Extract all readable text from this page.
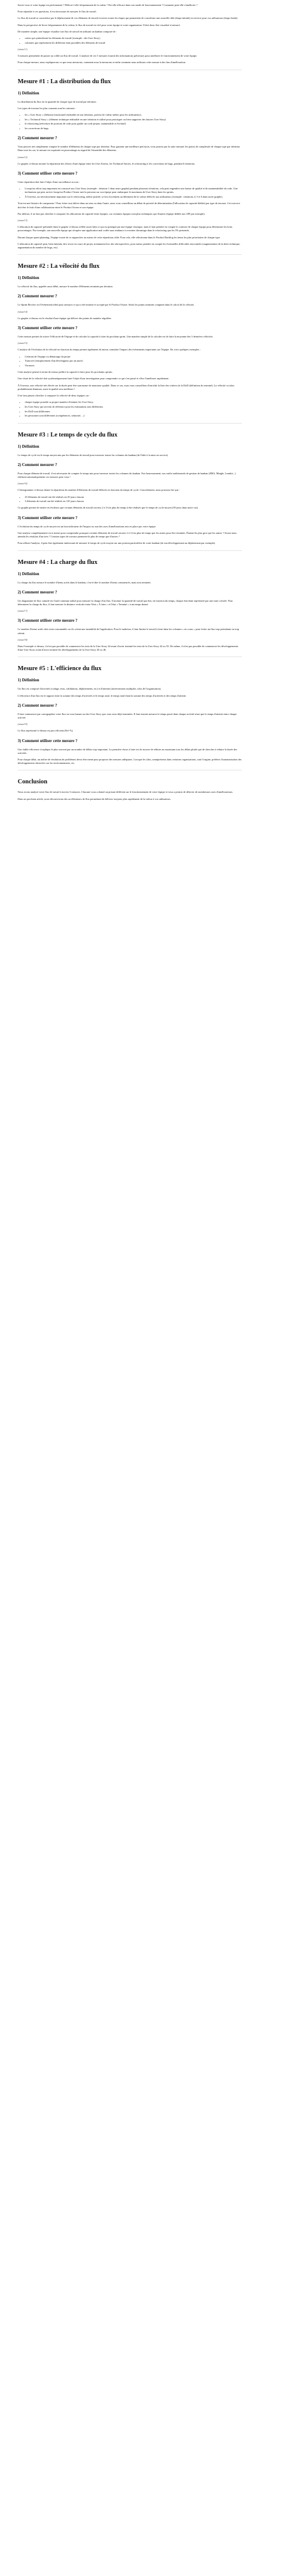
Savez-vous si votre équipe est performante ? Délivre-t-elle fréquemment de la valeur ? Est-elle efficace dans son mode de fonctionnement ? Comment peut-elle s'améliorer ?

Pour répondre à ces questions, il est nécessaire de mesurer le flux de travail.

Le flux de travail se caractérise par le déplacement de vos éléments de travail à travers toutes les étapes qui permettent de concrétiser une nouvelle idée (étape initiale) en service pour vos utilisateurs (étape finale).

Dans la perspective de livrer fréquemment de la valeur, le flux de travail est clef pour votre équipe et votre organisation. Il doit donc être visualisé et mesuré.

De manière simple, une équipe visualise son flux de travail en utilisant un kanban composé de :

• cartes qui symbolisent les éléments de travail (exemple : des User Story)
• colonnes qui représentent les différents états possibles des éléments de travail

(visuel 1)

5 mesures permettent de passer au crible un flux de travail. L'analyse de ces 5 mesures fournit des informations précieuses pour améliorer le fonctionnement de votre équipe.

Pour chaque mesure, nous expliquerons ce que nous mesurons, comment nous la mesurons et enfin comment nous utilisons cette mesure à des fins d'amélioration.

Mesure #1 : La distribution du flux
1) Définition

La distribution du flux est la quantité de chaque type de travail par itération.

Les types de travaux les plus courants sont les suivants :

• les « User Story » (élément fonctionnel réalisable en une itération, porteur de valeur métier pour les utilisateurs),
• les « Technical Story » (élément technique réalisable en une itération et utilisé pour prototyper ou bien supporter des futures User Story)
• le refactoring (réécriture de portions de code pour garder un code propre, maintenable et évolutif)
• les corrections de bugs.
2) Comment mesurer ?

Vous pouvez très simplement compter le nombre d'éléments de chaque type par itération. Pour garantir une meilleure précision, vous pouvez par la suite mesurer les points de complexité de chaque type par itération. Dans tous les cas, la mesure est exprimée en pourcentage au regard de l'ensemble des éléments.

(visuel 2)

Le graphe ci-dessus montre la répartition des efforts d'une équipe entre les User Stories, les Technical Stories, le refactoring et les corrections de bugs, pendant 6 itérations.

3) Comment utiliser cette mesure ?

Cette répartition doit faire l'objet d'une surveillance accrue :

• Lorsqu'un effort trop important est consacré aux User Story (exemple : itération 1 dans notre graphe) pendant plusieurs itérations, cela peut engendrer une baisse de qualité et de maintenabilité du code. Une inclinaison qui peut arriver lorsqu'un Product Owner met la pression sur son équipe pour embarquer le maximum de User Story dans les sprints.
• À l'inverse, un investissement important sur le refactoring, même justifié, se fera forcément au détriment de la valeur délivrée aux utilisateurs (exemple : itérations 4, 5 et 6 dans notre graphe).

Tout est une histoire de compromis ! Pour éviter tout dérive dans un sens ou dans l'autre, nous vous conseillons un débat de priorité de détermination (l'allocation de capacité dédiée) par type de travaux. Cet exercice doit être le fruit d'une collaboration entre le Product Owner et son équipe.

Par ailleurs, il ne faut pas chercher à comparer les allocations de capacité entre équipes, car certaines équipes sont plus techniques que d'autres (équipe dédiée aux API par exemple).

(visuel 3)

L'allocation de capacité présentée dans le graphe ci-dessus reflète assez bien ce qui est pratiqué par une équipe classique, mais il faut prendre en compte le contexte de chaque équipe pour déterminer les bons pourcentages. Par exemple, une nouvelle équipe qui récupère une application mal codée aura tendance à recentrer davantage dans le refactoring que les 5% présentés.

Durant chaque sprint planning, l'équipe essaie de se rapprocher au mieux de cette répartition cible. Pour cela, elle sélectionne dans le Product Backlog les items les plus prioritaires de chaque type.

L'allocation de capacité peut, bien entendu, être revue en cours de projet, notamment lors des rétrospectives, pour mieux prendre en compte les éventuelles difficultés rencontrées (augmentation de la dette technique, augmentation du nombre de bugs, etc).

Mesure #2 : La vélocité du flux
1) Définition

La vélocité du flux, appelée aussi débit, mesure le nombre d'éléments terminés par itération.

2) Comment mesurer ?

Le Sprint Review est l'événement idéal pour mesurer ce qui a été terminé et accepté par le Product Owner. Seuls les points terminés comptent dans le calcul de la vélocité.

(visuel 4)

Le graphe ci-dessus est le résultat d'une équipe qui délivre des points de manière régulière.

3) Comment utiliser cette mesure ?

Cette mesure permet de suivre l'efficacité de l'équipe et de calculer la capacité à faire du prochain sprint. Une manière simple de la calculer est de faire la moyenne des 3 dernières vélocités.

(visuel 5)

L'analyse de l'évolution de la vélocité en fonction du temps permet également de mieux connaître l'impact des événements importants sur l'équipe. En voici quelques exemples :

• Création de l'équipe ou démarrage du projet
• Turnover (remplacement d'un développeur par un autre)
• Vacances

Cette analyse permet à terme de mieux prédire la capacité à faire pour les prochains sprints.

Une chute de la vélocité doit systématiquement faire l'objet d'une investigation pour comprendre ce qui s'est passé et s'être l'améliorer rapidement.

À l'inverse, une vélocité très élevée sur la durée peut être synonyme de mauvaise qualité. Dans ce cas, nous vous conseillons d'enrichir la liste des critères de la DoD (définition du terminé). La vélocité va alors probablement diminuer, mais la qualité sera meilleure !

Il ne faut jamais chercher à comparer la vélocité de deux équipes car :

• chaque équipe possède sa propre manière d'estimer les User Story,
• les User Story qui servent de référence pour les estimations sont différentes
• les DoD sont différentes
• les personnes sont différentes (compétences, séniorité, ...)
Mesure #3 : Le temps de cycle du flux
1) Définition

Le temps de cycle est le temps moyen mis par les éléments de travail pour traverser toutes les colonnes du kanban (de l'idée à la mise en service).

2) Comment mesurer ?

Pour chaque élément de travail, il est nécessaire de compter le temps mis pour traverser toutes les colonnes du kanban. Fort heureusement, nos outils traditionnels de gestion de kanban (JIRA, Mingle, Leankit...) réalisent automatiquement ces mesures pour vous !

(visuel 6)

L'histogramme ci-dessus donne la répartition du nombre d'éléments de travail délivrés en fonction du temps de cycle. Concrètement, nous pouvons lire que :

• 25 éléments de travail ont été réalisés en 20 jours chacun
• 3 éléments de travail ont été réalisés en 110 jours chacun

Ce graphe permet de mettre en évidence que certains éléments de travail ont mis 2 à 3 fois plus de temps à être réalisés que le temps de cycle moyen (39 jours dans notre cas).

3) Comment utiliser cette mesure ?

L'évolution du temps de cycle moyen est un bon indicateur de l'impact ou non des axes d'améliorations mis en place par votre équipe.

Une analyse complémentaire est à mener pour comprendre pourquoi certains éléments de travail ont mis 2 à 3 fois plus de temps que les autres pour être terminés. Étaient-ils plus gros que les autres ? Avons-nous attendu les résultats d'un tiers ? Certains types de travaux prennent-ils plus de temps que d'autres ?

Pour affiner l'analyse, il peut être également intéressant de mesurer le temps de cycle moyen sur une portion particulière de votre kanban (de son développement au déploiement par exemple).

Mesure #4 : La charge du flux
1) Définition

La charge du flux mesure le nombre d'items actifs dans le kanban, c'est-à-dire le nombre d'items commencés, mais non terminés.

2) Comment mesurer ?

Un diagramme de flux cumulé est l'outil commun utilisé pour mesurer la charge d'un flux. Il montre la quantité de travail par état, en fonction du temps, chaque état étant représenté par une zone colorée. Pour déterminer la charge du flux, il faut mesurer la distance verticale entre l'état « À faire » et l'état « Terminé » à un temps donné.

(visuel 7)

3) Comment utiliser cette mesure ?

Le nombre d'items actifs doit rester raisonnable car ils créent une instabilité de l'application. Pour le maîtriser, il faut limiter le travail à faire dans les colonnes « en cours » pour éviter un flux trop perturbant ou trop ralenti.

(visuel 8)

Dans l'exemple ci-dessus, il n'est pas possible de commencer les tests de la User Story 44 avant d'avoir terminé les tests de la User Story 42 ou 55. De même, il n'est pas possible de commencer les développements d'une User Story avant d'avoir terminé les développements de la User Story 45 ou 46.

Mesure #5 : L'efficience du flux
1) Définition

Un flux est composé d'activités (codage, tests, validations, déploiements, etc) et d'attentes (interventions multiples, silos de l'organisation).

L'efficience d'un flux est le rapport entre la somme des temps d'activités et le temps total, le temps total étant la somme des temps d'activités et des temps d'attente.

2) Comment mesurer ?

Il faut commencer par cartographier votre flux en vous basant sur des User Story que vous avez déjà terminées. Il faut ensuite mesurer le temps passé dans chaque activité ainsi que le temps d'attente entre chaque activité.

(visuel 9)

Le flux représenté ci-dessus est peu efficient (Eef %).

3) Comment utiliser cette mesure ?

Une faible efficience s'explique le plus souvent par un nombre de délais trop important. La première chose à faire est de trouver de réduire au maximum tous les délais plutôt que de chercher à réduire la durée des activités.

Pour chaque délai, un atelier de résolution de problèmes devra être mené pour proposer des mesures adéquates. Lorsque les silos, omniprésents dans certaines organisations, sont l'origine, préférez l'automatisation des développements observées sur les environnements, etc.

Conclusion

Nous avons analysé votre flux de travail à travers 5 mesures. Chacune vous a donné un prisme différent sur le fonctionnement de votre équipe et vous a permis de détecter de nombreuses axes d'améliorations.

Dans un prochain article, nous découvrirons des accélérateurs de flux permettant de délivrer toujours plus rapidement de la valeur à vos utilisateurs.
